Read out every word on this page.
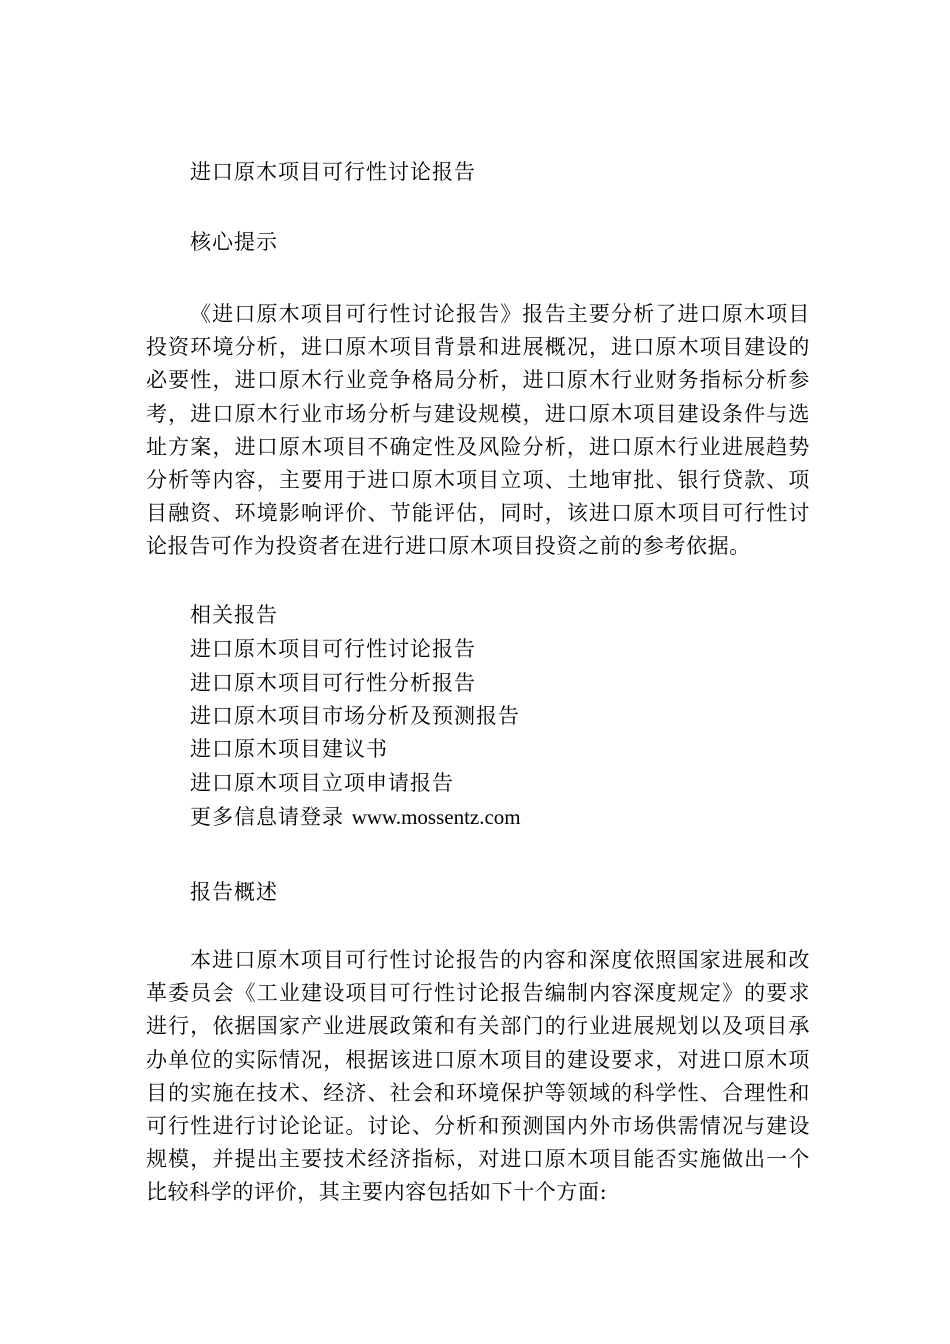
进口原木项目可行性讨论报告
核心提示

《进口原木项目可行性讨论报告》报告主要分析了进口原木项目投资环境分析，进口原木项目背景和进展概况，进口原木项目建设的必要性，进口原木行业竞争格局分析，进口原木行业财务指标分析参考，进口原木行业市场分析与建设规模，进口原木项目建设条件与选址方案，进口原木项目不确定性及风险分析，进口原木行业进展趋势分析等内容，主要用于进口原木项目立项、土地审批、银行贷款、项目融资、环境影响评价、节能评估，同时，该进口原木项目可行性讨论报告可作为投资者在进行进口原木项目投资之前的参考依据。

相关报告
进口原木项目可行性讨论报告
进口原木项目可行性分析报告
进口原木项目市场分析及预测报告
进口原木项目建议书
进口原木项目立项申请报告
更多信息请登录 www.mossentz.com
报告概述

本进口原木项目可行性讨论报告的内容和深度依照国家进展和改革委员会《工业建设项目可行性讨论报告编制内容深度规定》的要求进行，依据国家产业进展政策和有关部门的行业进展规划以及项目承办单位的实际情况，根据该进口原木项目的建设要求，对进口原木项目的实施在技术、经济、社会和环境保护等领域的科学性、合理性和可行性进行讨论论证。讨论、分析和预测国内外市场供需情况与建设规模，并提出主要技术经济指标，对进口原木项目能否实施做出一个比较科学的评价，其主要内容包括如下十个方面:
